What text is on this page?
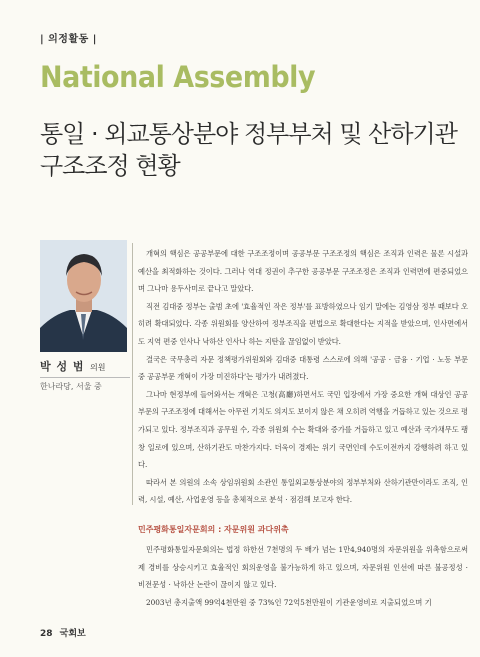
| 의정활동 |
National Assembly
통일 · 외교통상분야 정부부처 및 산하기관 구조조정 현황
박 성 범 의원
한나라당, 서울 중

개혁의 핵심은 공공부문에 대한 구조조정이며 공공부문 구조조정의 핵심은 조직과 인력은 물론 시설과 예산을 최적화하는 것이다. 그러나 역대 정권이 추구한 공공부문 구조조정은 조직과 인력면에 편중되었으며 그나마 용두사미로 끝나고 말았다.

직전 김대중 정부는 출범 초에 '효율적인 작은 정부'를 표방하였으나 임기 말에는 김영삼 정부 때보다 오히려 확대되었다. 각종 위원회를 양산하여 정부조직을 편법으로 확대한다는 지적을 받았으며, 인사면에서도 지역 편중 인사나 낙하산 인사나 하는 지탄을 끊임없이 받았다.

결국은 국무총리 자문 정책평가위원회와 김대중 대통령 스스로에 의해 '공공 · 금융 · 기업 · 노동 부문 중 공공부문 개혁이 가장 미진하다'는 평가가 내려졌다.

그나마 현정부에 들어와서는 개혁은 고청(高廳)하면서도 국민 입장에서 가장 중요한 개혁 대상인 공공부문의 구조조정에 대해서는 아무런 기치도 의지도 보이지 않은 채 오히려 역행을 거듭하고 있는 것으로 평가되고 있다. 정부조직과 공무원 수, 각종 위원회 수는 확대와 증가를 거듭하고 있고 예산과 국가채무도 팽창 일로에 있으며, 산하기관도 마찬가지다. 더욱이 경제는 위기 국면인데 수도이전까지 강행하려 하고 있다.

따라서 본 의원의 소속 상임위원회 소관인 통일외교통상분야의 정부부처와 산하기관만이라도 조직, 인력, 시설, 예산, 사업운영 등을 총체적으로 분석 · 점검해 보고자 한다.

민주평화통일자문회의 : 자문위원 과다위촉

민주평화통일자문회의는 법정 하한선 7천명의 두 배가 넘는 1만4,940명의 자문위원을 위촉함으로써 제 경비를 상승시키고 효율적인 회의운영을 불가능하게 하고 있으며, 자문위원 인선에 따른 불공정성 · 비전문성 · 낙하산 논란이 끊이지 않고 있다.

2003년 총지출액 99억4천만원 중 73%인 72억5천만원이 기관운영비로 지출되었으며 기

28 국회보
